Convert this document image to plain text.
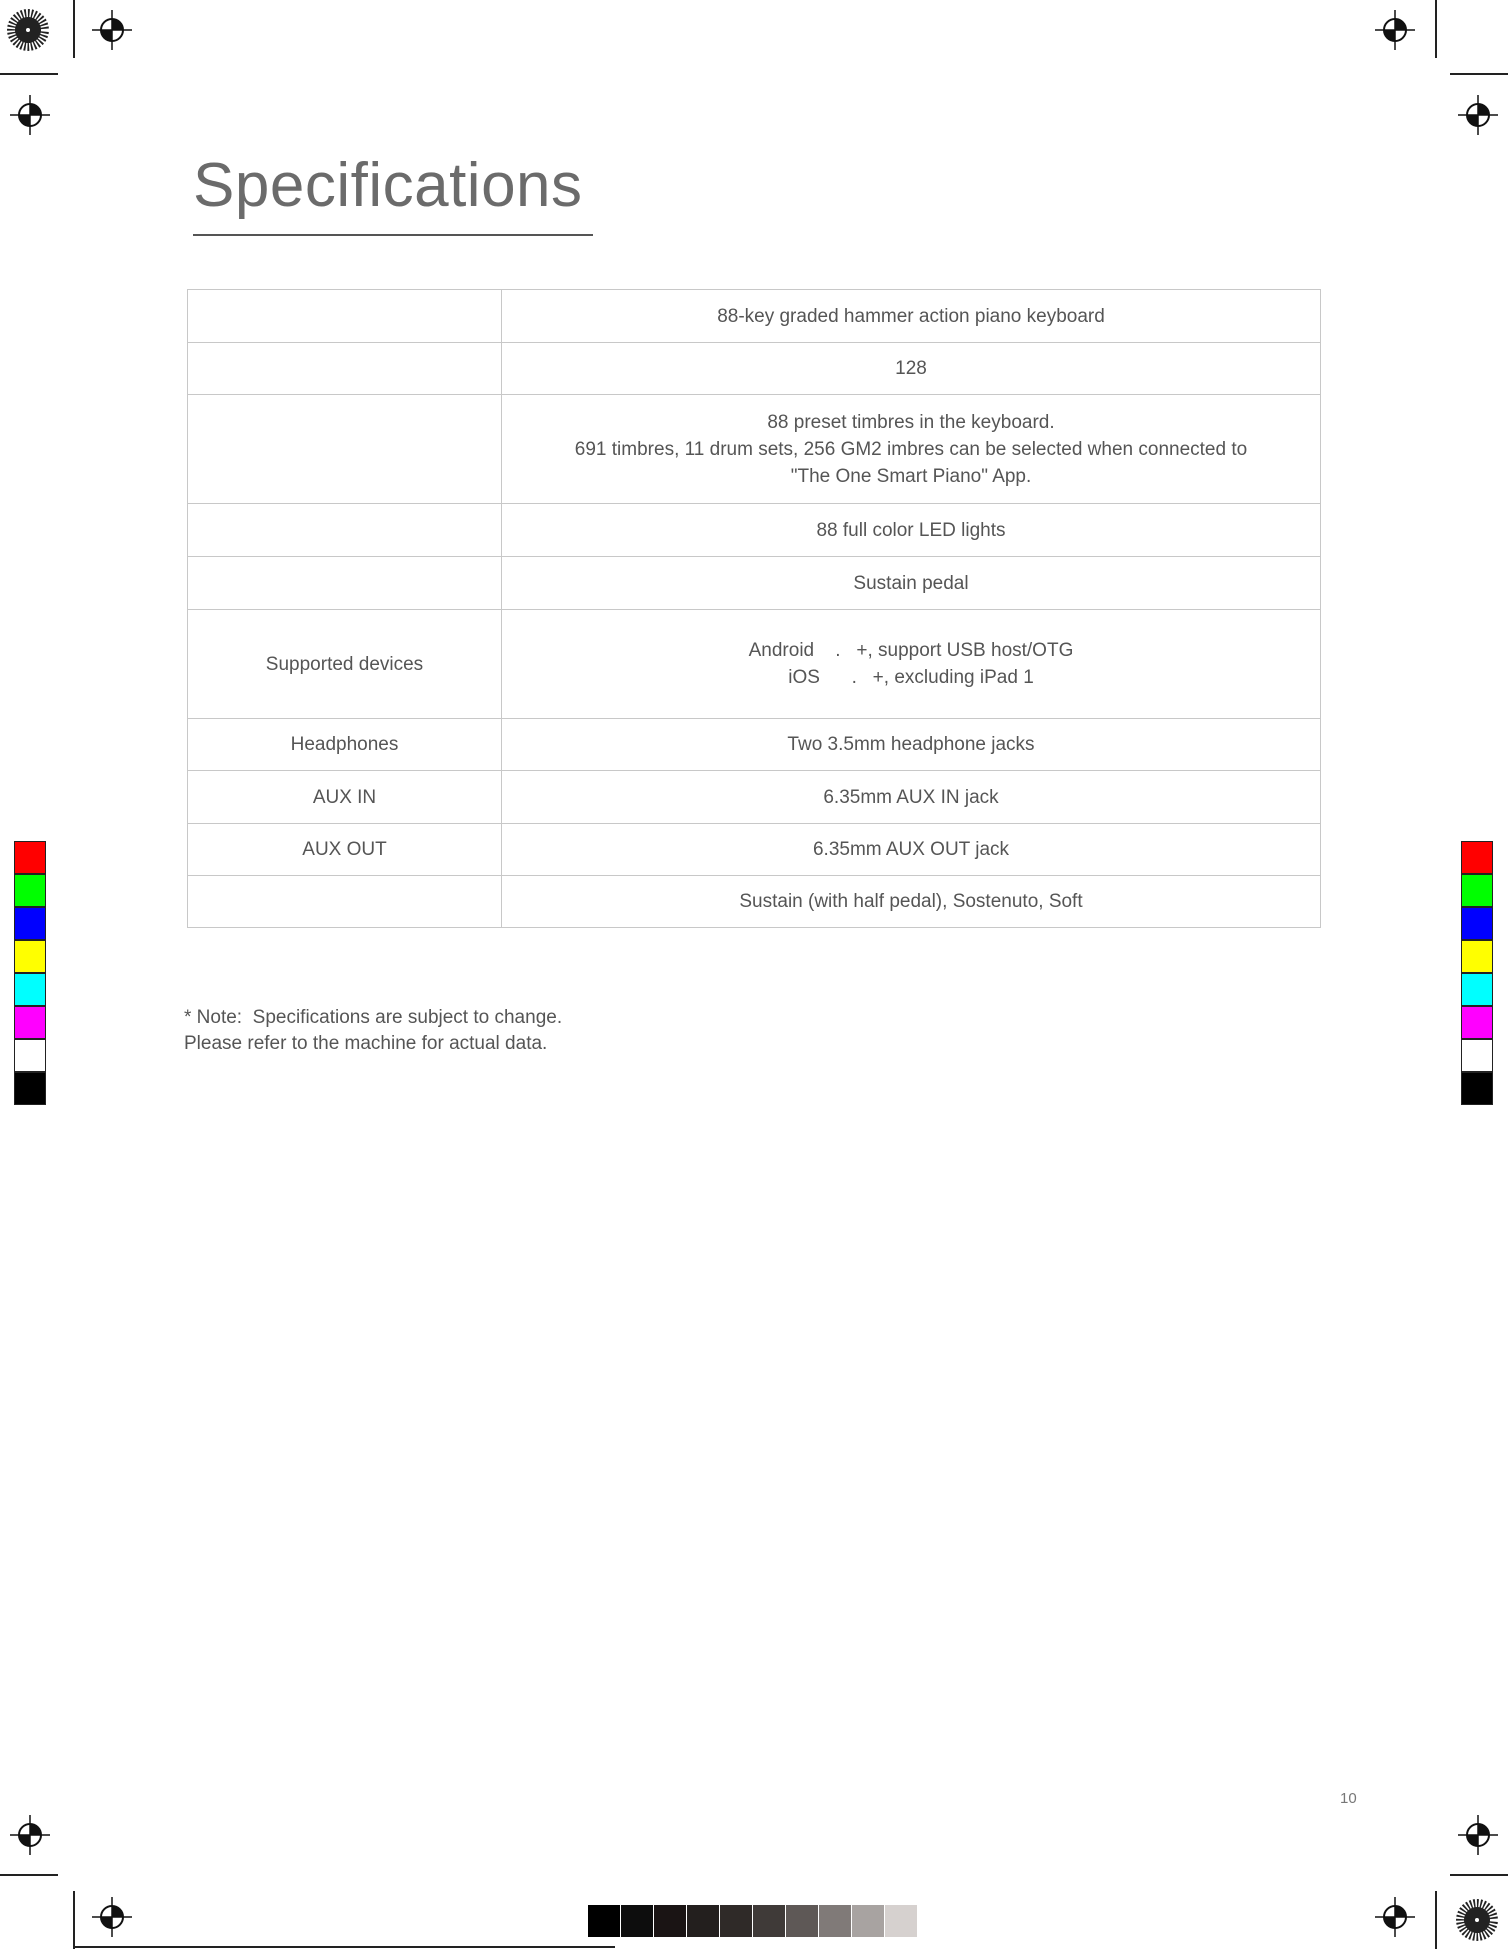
Specifications

	88-key graded hammer action piano keyboard

	128

	88 preset timbres in the keyboard.
691 timbres, 11 drum sets, 256 GM2 imbres can be selected when connected to
"The One Smart Piano" App.

	88 full color LED lights

	Sustain pedal

Supported devices	Android    .   +, support USB host/OTG
iOS      .   +, excluding iPad 1

Headphones	Two 3.5mm headphone jacks

AUX IN	6.35mm AUX IN jack

AUX OUT	6.35mm AUX OUT jack

	Sustain (with half pedal), Sostenuto, Soft
* Note:  Specifications are subject to change.
Please refer to the machine for actual data.
10
